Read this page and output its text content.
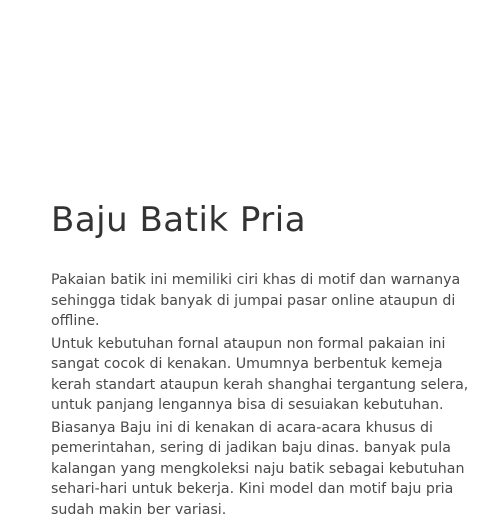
Baju Batik Pria

Pakaian batik ini memiliki ciri khas di motif dan warnanya sehingga tidak banyak di jumpai pasar online ataupun di offline.

Untuk kebutuhan fornal ataupun non formal pakaian ini sangat cocok di kenakan. Umumnya berbentuk kemeja kerah standart ataupun kerah shanghai tergantung selera, untuk panjang lengannya bisa di sesuiakan kebutuhan.

Biasanya Baju ini di kenakan di acara-acara khusus di pemerintahan, sering di jadikan baju dinas. banyak pula kalangan yang mengkoleksi naju batik sebagai kebutuhan sehari-hari untuk bekerja. Kini model dan motif baju pria sudah makin ber variasi.
